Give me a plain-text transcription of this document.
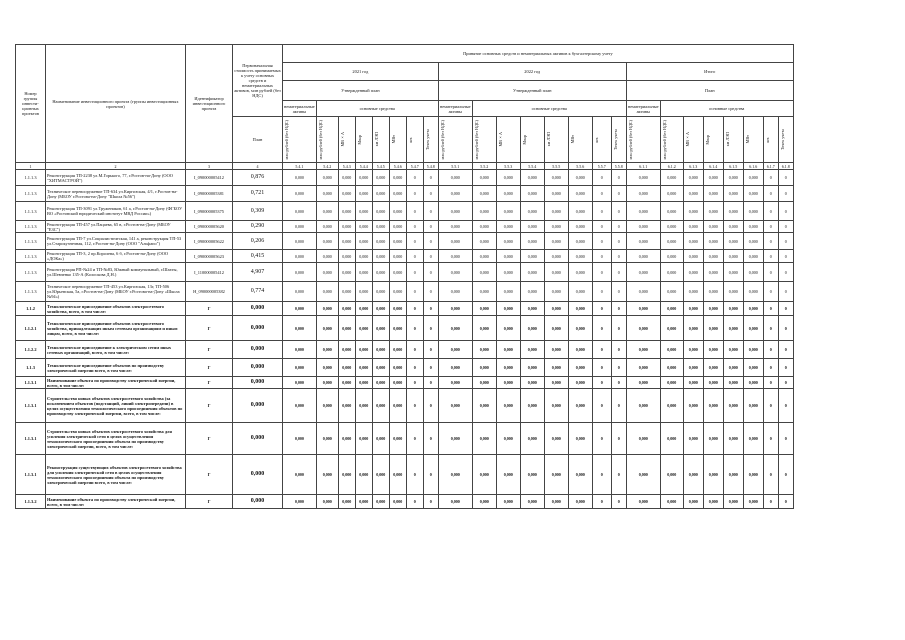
Номер группы инвести-ционных проектов	Наименование инвестиционного проекта (группы инвестиционных проектов)	Идентификатор инвестиционного проекта	Первоначальная стоимость принимаемых к учету основных средств и нематериальных активов, млн рублей (без НДС)	Принятие основных средств и нематериальных активов к бухгалтерскому учету																							
				2021 год								2022 год								Итого							
				Утвержденный план								Утвержденный план								План							
				нематериальные активы	основные средства							нематериальные активы	основные средства							нематериальные активы	основные средства						
			План	млн рублей (без НДС)	млн рублей (без НДС)	МВ×А	Мвар	км ЛЭП	МВт	шт.	Точек учета	млн рублей (без НДС)	млн рублей (без НДС)	МВ×А	Мвар	км ЛЭП	МВт	шт.	Точек учета	млн рублей (без НДС)	млн рублей (без НДС)	МВ×А	Мвар	км ЛЭП	МВт	шт.	Точек учета

1	2	3	4	5.4.1	5.4.2	5.4.3	5.4.4	5.4.5	5.4.6	5.4.7	5.4.8	5.5.1	5.5.2	5.5.3	5.5.4	5.5.5	5.5.6	5.5.7	5.5.8	6.1.1	6.1.2	6.1.3	6.1.4	6.1.5	6.1.6	6.1.7	6.1.8
1.1.1.3	Реконструкция ТП-2238 ул.М.Горького, 77, г.Ростов-на-Дону (ООО "ХИТМАСТРОЙ")	I_090000005412	0,876	0,000	0,000	0,000	0,000	0,000	0,000	0	0	0,000	0,000	0,000	0,000	0,000	0,000	0	0	0,000	0,000	0,000	0,000	0,000	0,000	0	0
1.1.1.3	Техническое перевооружение ТП-634 ул.Киргизская, 4/1, г.Ростов-на-Дону (МБОУ г.Ростова-на-Дону "Школа №56")	I_090000005381	0,721	0,000	0,000	0,000	0,000	0,000	0,000	0	0	0,000	0,000	0,000	0,000	0,000	0,000	0	0	0,000	0,000	0,000	0,000	0,000	0,000	0	0
1.1.1.3	Реконструкция ТП-3091 ул.Тружеников, 61 а, г.Ростов-на-Дону (ФГБОУ ВО «Ростовский юридический институт МВД России»)	I_090000005375	0,309	0,000	0,000	0,000	0,000	0,000	0,000	0	0	0,000	0,000	0,000	0,000	0,000	0,000	0	0	0,000	0,000	0,000	0,000	0,000	0,000	0	0
1.1.1.3	Реконструкция ТП-457 ул.Пацаева, 65 в, г.Ростов-на-Дону (МБОУ "ЕЗС")	I_090000005620	0,290	0,000	0,000	0,000	0,000	0,000	0,000	0	0	0,000	0,000	0,000	0,000	0,000	0,000	0	0	0,000	0,000	0,000	0,000	0,000	0,000	0	0
1.1.1.3	Реконструкция ТП-7 ул.Социалистическая, 141 а, реконструкция ТП-53 ул.Старокузнечная, 112, г.Ростов-на-Дону (ООО "Альфапо")	I_090000005622	0,206	0,000	0,000	0,000	0,000	0,000	0,000	0	0	0,000	0,000	0,000	0,000	0,000	0,000	0	0	0,000	0,000	0,000	0,000	0,000	0,000	0	0
1.1.1.3	Реконструкция ТП-3, 2 пр.Королева, 6 б, г.Ростов-на-Дону (ООО «ДОКа»)	I_090000005623	0,415	0,000	0,000	0,000	0,000	0,000	0,000	0	0	0,000	0,000	0,000	0,000	0,000	0,000	0	0	0,000	0,000	0,000	0,000	0,000	0,000	0	0
1.1.1.3	Реконструкция РП-№24 и ТП-№83, Южный коммунальный, г.Шахты, ул.Шевченко 135-А (Колоскова Д.Н.)	I_110000005412	4,907	0,000	0,000	0,000	0,000	0,000	0,000	0	0	0,000	0,000	0,000	0,000	0,000	0,000	0	0	0,000	0,000	0,000	0,000	0,000	0,000	0	0
1.1.1.3	Техническое перевооружение ТП-453 ул.Киргизская, 13г, ТП-506 ул.Юрьевская, 5а, г.Ростов-на-Дону (МБОУ г.Ростова-на-Дону «Школа №94»)	H_090000005382	0,774	0,000	0,000	0,000	0,000	0,000	0,000	0	0	0,000	0,000	0,000	0,000	0,000	0,000	0	0	0,000	0,000	0,000	0,000	0,000	0,000	0	0
1.1.2	Технологическое присоединение объектов электросетевого хозяйства, всего, в том числе:	Г	0,000	0,000	0,000	0,000	0,000	0,000	0,000	0	0	0,000	0,000	0,000	0,000	0,000	0,000	0	0	0,000	0,000	0,000	0,000	0,000	0,000	0	0
1.1.2.1	Технологическое присоединение объектов электросетевого хозяйства, принадлежащих иным сетевым организациям и иным лицам, всего, в том числе:	Г	0,000	0,000	0,000	0,000	0,000	0,000	0,000	0	0	0,000	0,000	0,000	0,000	0,000	0,000	0	0	0,000	0,000	0,000	0,000	0,000	0,000	0	0
1.1.2.2	Технологическое присоединение к электрическим сетям иных сетевых организаций, всего, в том числе:	Г	0,000	0,000	0,000	0,000	0,000	0,000	0,000	0	0	0,000	0,000	0,000	0,000	0,000	0,000	0	0	0,000	0,000	0,000	0,000	0,000	0,000	0	0
1.1.3	Технологическое присоединение объектов по производству электрической энергии всего, в том числе:	Г	0,000	0,000	0,000	0,000	0,000	0,000	0,000	0	0	0,000	0,000	0,000	0,000	0,000	0,000	0	0	0,000	0,000	0,000	0,000	0,000	0,000	0	0
1.1.3.1	Наименование объекта по производству электрической энергии, всего, в том числе:	Г	0,000	0,000	0,000	0,000	0,000	0,000	0,000	0	0	0,000	0,000	0,000	0,000	0,000	0,000	0	0	0,000	0,000	0,000	0,000	0,000	0,000	0	0
1.1.3.1	Строительство новых объектов электросетевого хозяйства (за исключением объектов (подстанций, линий электропередачи) в целях осуществления технологического присоединения объектов по производству электрической энергии, всего, в том числе:	Г	0,000	0,000	0,000	0,000	0,000	0,000	0,000	0	0	0,000	0,000	0,000	0,000	0,000	0,000	0	0	0,000	0,000	0,000	0,000	0,000	0,000	0	0
1.1.3.1	Строительство новых объектов электросетевого хозяйства для усиления электрической сети в целях осуществления технологического присоединения объекта по производству электрической энергии, всего, в том числе:	Г	0,000	0,000	0,000	0,000	0,000	0,000	0,000	0	0	0,000	0,000	0,000	0,000	0,000	0,000	0	0	0,000	0,000	0,000	0,000	0,000	0,000	0	0
1.1.3.1	Реконструкция существующих объектов электросетевого хозяйства для усиления электрической сети в целях осуществления технологического присоединения объекта по производству электрической энергии всего, в том числе:	Г	0,000	0,000	0,000	0,000	0,000	0,000	0,000	0	0	0,000	0,000	0,000	0,000	0,000	0,000	0	0	0,000	0,000	0,000	0,000	0,000	0,000	0	0
1.1.3.2	Наименование объекта по производству электрической энергии, всего, в том числе:	Г	0,000	0,000	0,000	0,000	0,000	0,000	0,000	0	0	0,000	0,000	0,000	0,000	0,000	0,000	0	0	0,000	0,000	0,000	0,000	0,000	0,000	0	0
